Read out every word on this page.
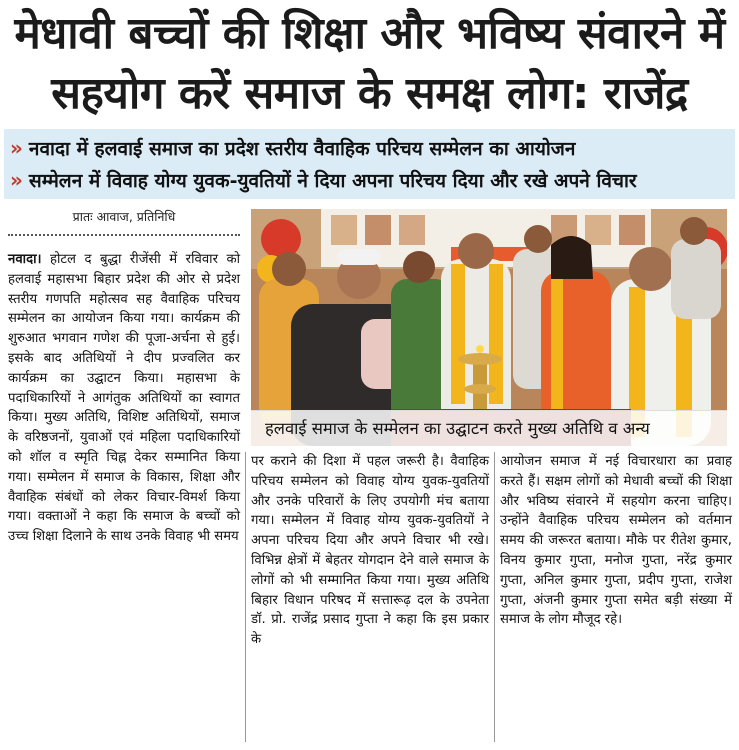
मेधावी बच्चों की शिक्षा और भविष्य संवारने में
सहयोग करें समाज के समक्ष लोग: राजेंद्र
» नवादा में हलवाई समाज का प्रदेश स्तरीय वैवाहिक परिचय सम्मेलन का आयोजन
» सम्मेलन में विवाह योग्य युवक-युवतियों ने दिया अपना परिचय दिया और रखे अपने विचार
प्रातः आवाज, प्रतिनिधि
हलवाई समाज के सम्मेलन का उद्घाटन करते मुख्य अतिथि व अन्य
नवादा। होटल द बुद्धा रीजेंसी में रविवार को हलवाई महासभा बिहार प्रदेश की ओर से प्रदेश स्तरीय गणपति महोत्सव सह वैवाहिक परिचय सम्मेलन का आयोजन किया गया। कार्यक्रम की शुरुआत भगवान गणेश की पूजा-अर्चना से हुई। इसके बाद अतिथियों ने दीप प्रज्वलित कर कार्यक्रम का उद्घाटन किया। महासभा के पदाधिकारियों ने आगंतुक अतिथियों का स्वागत किया। मुख्य अतिथि, विशिष्ट अतिथियों, समाज के वरिष्ठजनों, युवाओं एवं महिला पदाधिकारियों को शॉल व स्मृति चिह्न देकर सम्मानित किया गया। सम्मेलन में समाज के विकास, शिक्षा और वैवाहिक संबंधों को लेकर विचार-विमर्श किया गया। वक्ताओं ने कहा कि समाज के बच्चों को उच्च शिक्षा दिलाने के साथ उनके विवाह भी समय
पर कराने की दिशा में पहल जरूरी है। वैवाहिक परिचय सम्मेलन को विवाह योग्य युवक-युवतियों और उनके परिवारों के लिए उपयोगी मंच बताया गया। सम्मेलन में विवाह योग्य युवक-युवतियों ने अपना परिचय दिया और अपने विचार भी रखे। विभिन्न क्षेत्रों में बेहतर योगदान देने वाले समाज के लोगों को भी सम्मानित किया गया। मुख्य अतिथि बिहार विधान परिषद में सत्तारूढ़ दल के उपनेता डॉ. प्रो. राजेंद्र प्रसाद गुप्ता ने कहा कि इस प्रकार के
आयोजन समाज में नई विचारधारा का प्रवाह करते हैं। सक्षम लोगों को मेधावी बच्चों की शिक्षा और भविष्य संवारने में सहयोग करना चाहिए। उन्होंने वैवाहिक परिचय सम्मेलन को वर्तमान समय की जरूरत बताया। मौके पर रीतेश कुमार, विनय कुमार गुप्ता, मनोज गुप्ता, नरेंद्र कुमार गुप्ता, अनिल कुमार गुप्ता, प्रदीप गुप्ता, राजेश गुप्ता, अंजनी कुमार गुप्ता समेत बड़ी संख्या में समाज के लोग मौजूद रहे।
